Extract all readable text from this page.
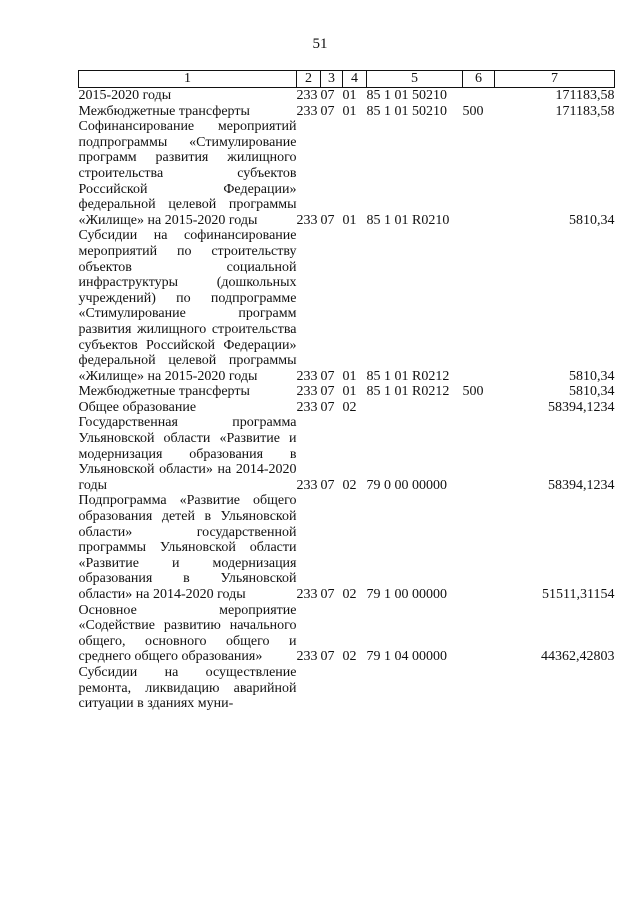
51
1	2	3	4	5	6	7
2015-2020 годы	233	07	01	85 1 01 50210		171183,58
Межбюджетные трансферты	233	07	01	85 1 01 50210	500	171183,58
Софинансирование мероприятий подпрограммы «Стимулирование программ развития жилищного строительства субъектов Российской Федерации» федеральной целевой программы «Жилище» на 2015-2020 годы	233	07	01	85 1 01 R0210		5810,34
Субсидии на софинансирование мероприятий по строительству объектов социальной инфраструктуры (дошкольных учреждений) по подпрограмме «Стимулирование программ развития жилищного строительства субъектов Российской Федерации» федеральной целевой программы «Жилище» на 2015-2020 годы	233	07	01	85 1 01 R0212		5810,34
Межбюджетные трансферты	233	07	01	85 1 01 R0212	500	5810,34
Общее образование	233	07	02			58394,1234
Государственная программа Ульяновской области «Развитие и модернизация образования в Ульяновской области» на 2014-2020 годы	233	07	02	79 0 00 00000		58394,1234
Подпрограмма «Развитие общего образования детей в Ульяновской области» государственной программы Ульяновской области «Развитие и модернизация образования в Ульяновской области» на 2014-2020 годы	233	07	02	79 1 00 00000		51511,31154
Основное мероприятие «Содействие развитию начального общего, основного общего и среднего общего образования»	233	07	02	79 1 04 00000		44362,42803
Субсидии на осуществление ремонта, ликвидацию аварийной ситуации в зданиях муни-						
